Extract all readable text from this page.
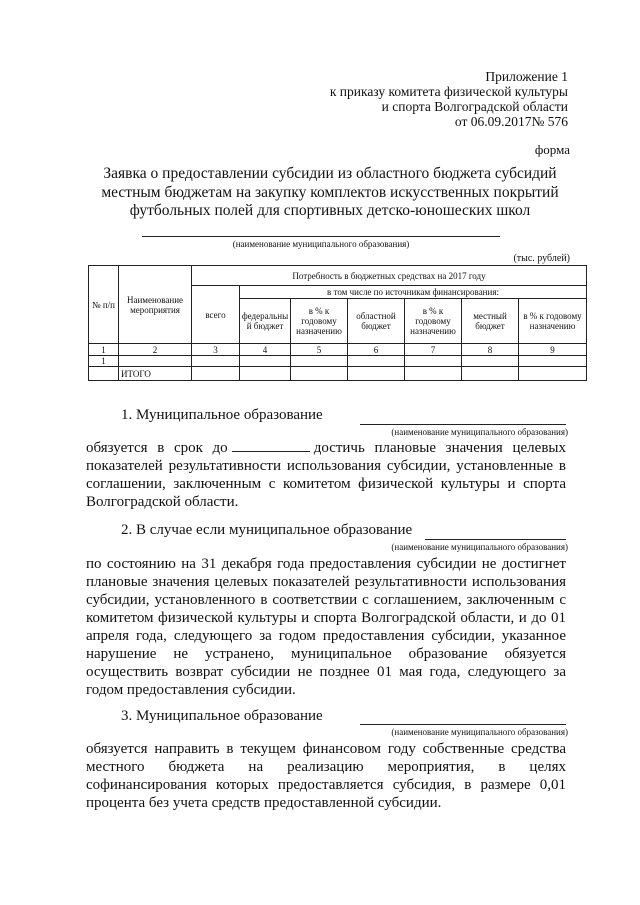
Приложение 1
к приказу комитета физической культуры
и спорта Волгоградской области
от 06.09.2017№ 576
форма
Заявка о предоставлении субсидии из областного бюджета субсидий
местным бюджетам на закупку комплектов искусственных покрытий
футбольных полей для спортивных детско-юношеских школ
(наименование муниципального образования)
(тыс. рублей)
№ п/п	Наименование мероприятия	Потребность в бюджетных средствах на 2017 году						
		всего	в том числе по источникам финансирования:					
			федеральны й бюджет	в % к годовому назначению	областной бюджет	в % к годовому назначению	местный бюджет	в % к годовому назначению
1	2	3	4	5	6	7	8	9
1								
	ИТОГО							
1. Муниципальное образование
(наименование муниципального образования)

обязуется в срок до	достичь плановые значения целевых

показателей результативности использования субсидии, установленные в соглашении, заключенным с комитетом физической культуры и спорта Волгоградской области.

2. В случае если муниципальное образование
(наименование муниципального образования)

по состоянию на 31 декабря года предоставления субсидии не достигнет плановые значения целевых показателей результативности использования субсидии, установленного в соответствии с соглашением, заключенным с комитетом физической культуры и спорта Волгоградской области, и до 01 апреля года, следующего за годом предоставления субсидии, указанное нарушение не устранено, муниципальное образование обязуется осуществить возврат субсидии не позднее 01 мая года, следующего за годом предоставления субсидии.

3. Муниципальное образование
(наименование муниципального образования)

обязуется направить в текущем финансовом году собственные средства местного бюджета на реализацию мероприятия, в целях софинансирования которых предоставляется субсидия, в размере 0,01 процента без учета средств предоставленной субсидии.
